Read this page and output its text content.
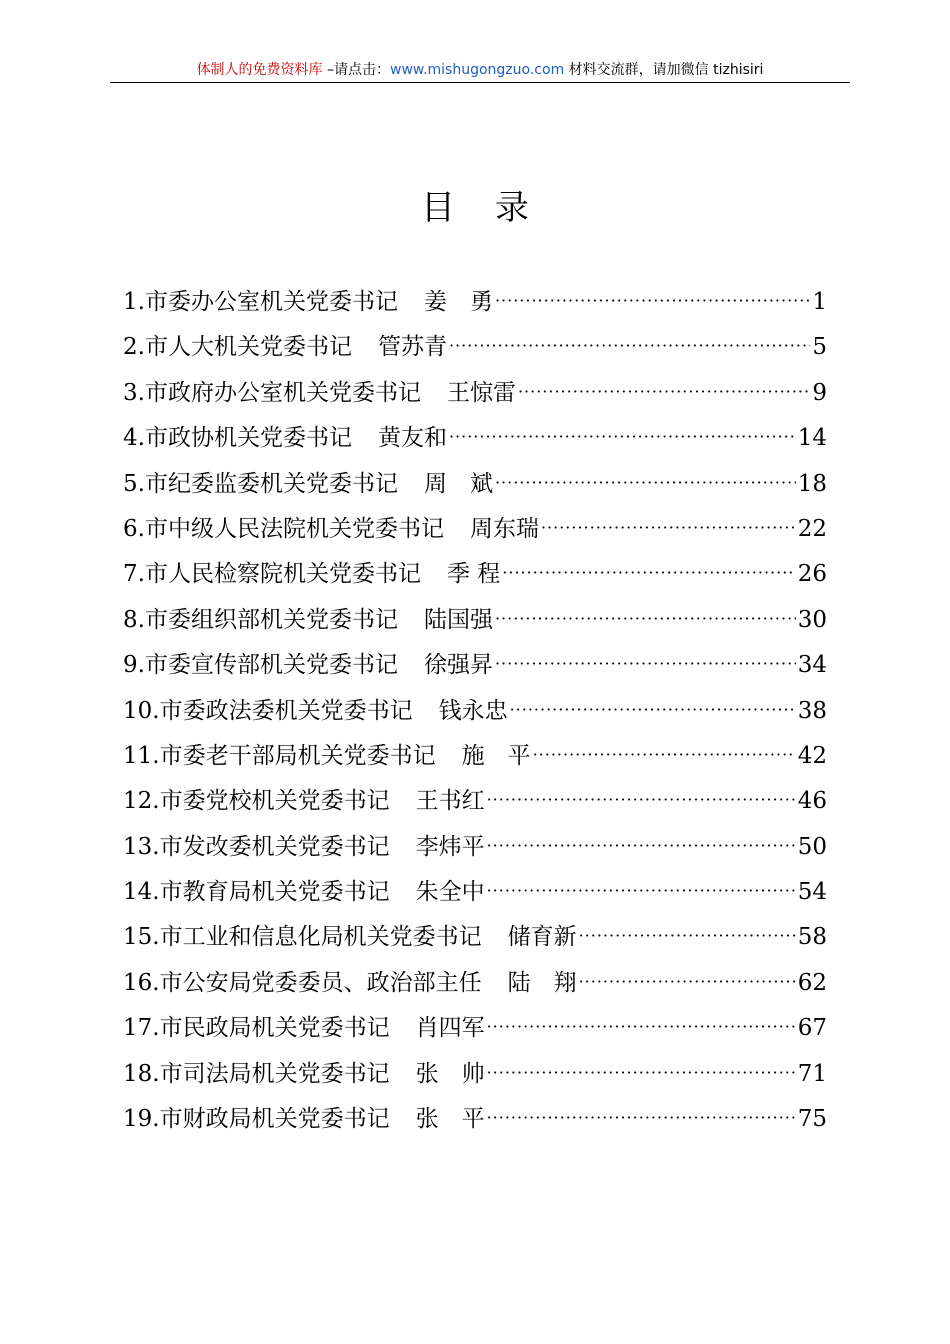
体制人的免费资料库 –请点击：www.mishugongzuo.com 材料交流群，请加微信 tizhisiri
目 录
1. 市委办公室机关党委书记 姜　勇 ·····	1
2. 市人大机关党委书记 管苏青 ·····	5
3. 市政府办公室机关党委书记 王惊雷 ·····	9
4. 市政协机关党委书记 黄友和 ·····	14
5. 市纪委监委机关党委书记 周　斌 ·····	18
6. 市中级人民法院机关党委书记 周东瑞 ·····	22
7. 市人民检察院机关党委书记 季 程 ·····	26
8. 市委组织部机关党委书记 陆国强 ·····	30
9. 市委宣传部机关党委书记 徐强昇 ·····	34
10. 市委政法委机关党委书记 钱永忠 ·····	38
11. 市委老干部局机关党委书记 施　平 ·····	42
12. 市委党校机关党委书记 王书红 ·····	46
13. 市发改委机关党委书记 李炜平 ·····	50
14. 市教育局机关党委书记 朱全中 ·····	54
15. 市工业和信息化局机关党委书记 储育新 ·····	58
16. 市公安局党委委员、政治部主任 陆　翔 ·····	62
17. 市民政局机关党委书记 肖四军 ·····	67
18. 市司法局机关党委书记 张　帅 ·····	71
19. 市财政局机关党委书记 张　平 ·····	75
